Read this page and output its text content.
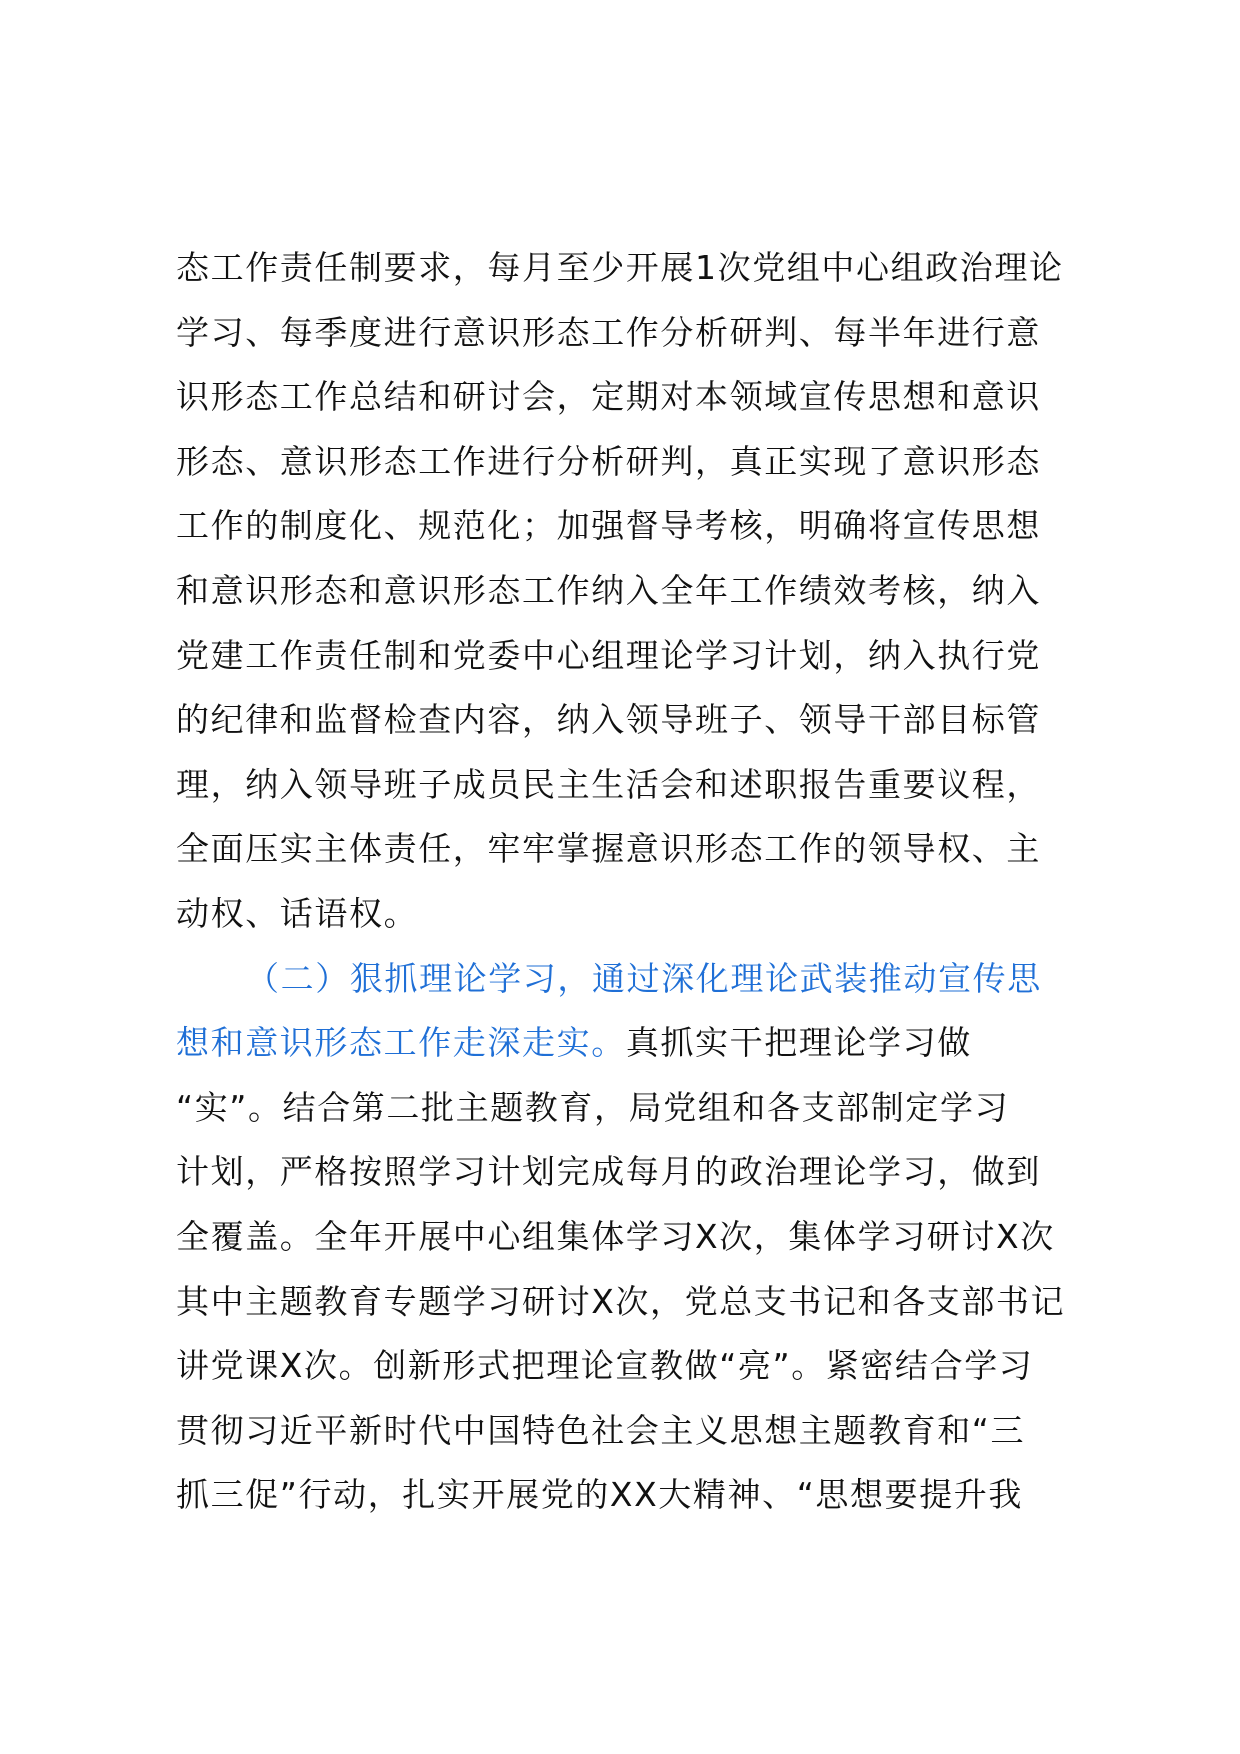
态工作责任制要求，每月至少开展1次党组中心组政治理论
学习、每季度进行意识形态工作分析研判、每半年进行意
识形态工作总结和研讨会，定期对本领域宣传思想和意识
形态、意识形态工作进行分析研判，真正实现了意识形态
工作的制度化、规范化；加强督导考核，明确将宣传思想
和意识形态和意识形态工作纳入全年工作绩效考核，纳入
党建工作责任制和党委中心组理论学习计划，纳入执行党
的纪律和监督检查内容，纳入领导班子、领导干部目标管
理，纳入领导班子成员民主生活会和述职报告重要议程，
全面压实主体责任，牢牢掌握意识形态工作的领导权、主
动权、话语权。
（二）狠抓理论学习，通过深化理论武装推动宣传思
想和意识形态工作走深走实。真抓实干把理论学习做
“实”。结合第二批主题教育，局党组和各支部制定学习
计划，严格按照学习计划完成每月的政治理论学习，做到
全覆盖。全年开展中心组集体学习X次，集体学习研讨X次
其中主题教育专题学习研讨X次，党总支书记和各支部书记
讲党课X次。创新形式把理论宣教做“亮”。紧密结合学习
贯彻习近平新时代中国特色社会主义思想主题教育和“三
抓三促”行动，扎实开展党的XX大精神、“思想要提升我
